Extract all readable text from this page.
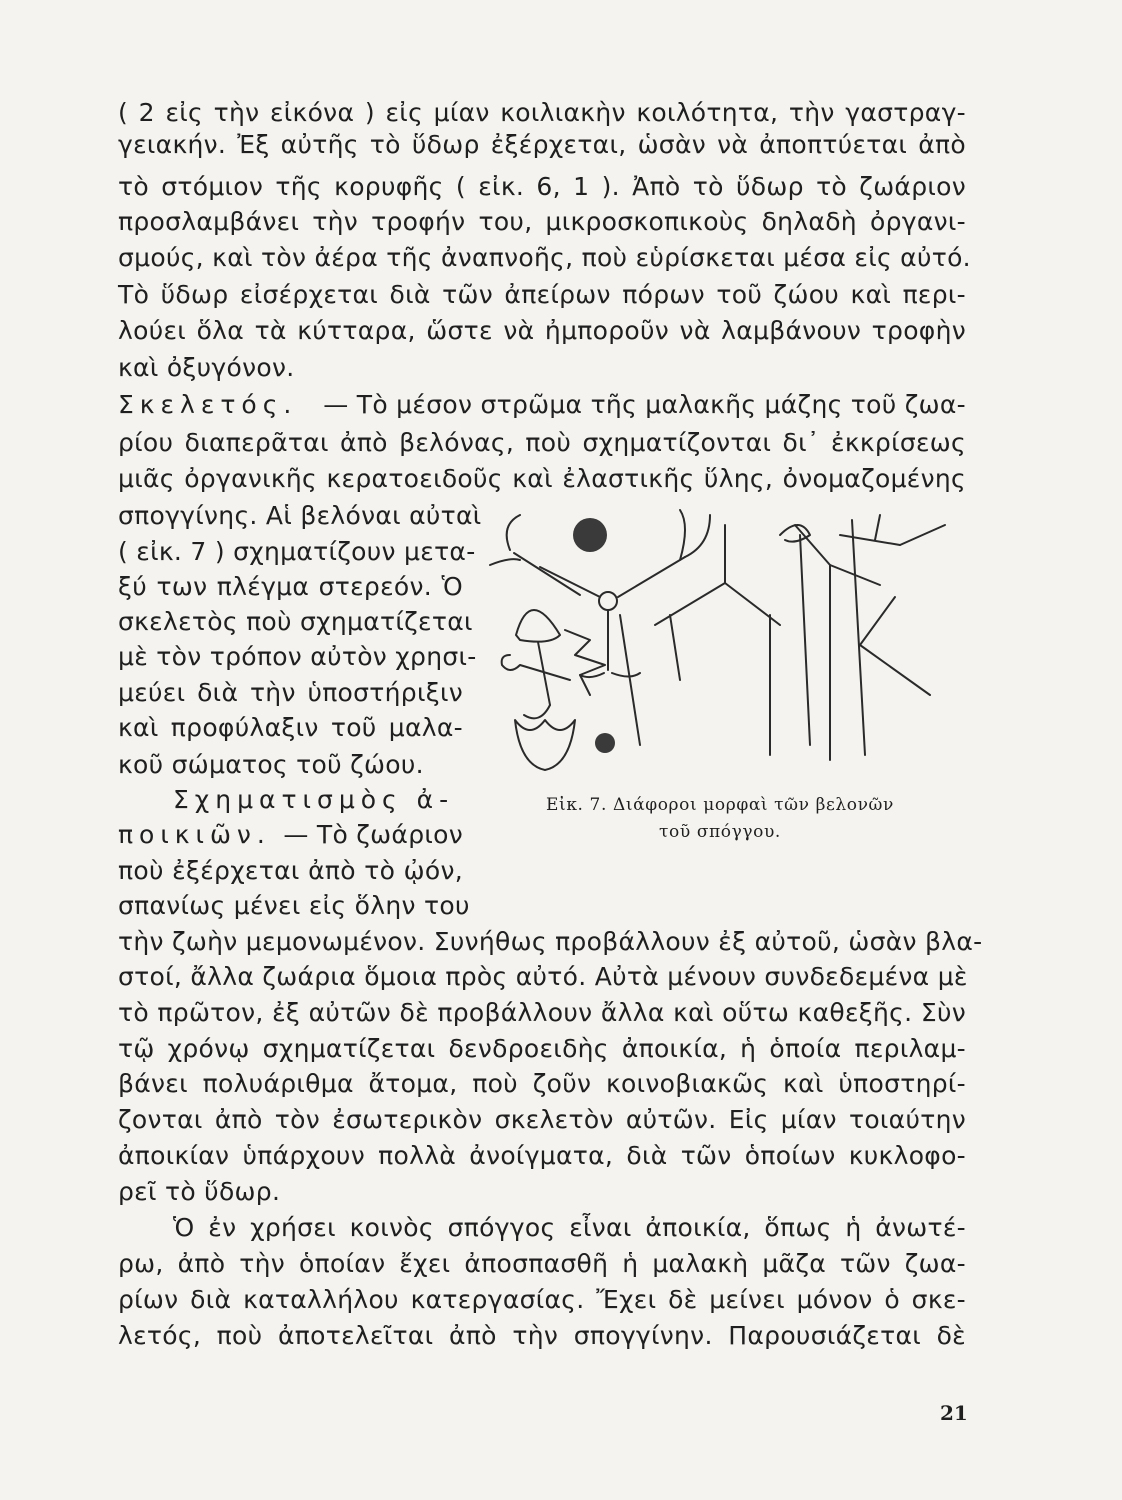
( 2 εἰς τὴν εἰκόνα ) εἰς μίαν κοιλιακὴν κοιλότητα, τὴν γαστραγ-
γειακήν. Ἐξ αὐτῆς τὸ ὕδωρ ἐξέρχεται, ὡσὰν νὰ ἀποπτύεται ἀπὸ
τὸ στόμιον τῆς κορυφῆς ( εἰκ. 6, 1 ). Ἀπὸ τὸ ὕδωρ τὸ ζωάριον
προσλαμβάνει τὴν τροφήν του, μικροσκοπικοὺς δηλαδὴ ὀργανι-
σμούς, καὶ τὸν ἀέρα τῆς ἀναπνοῆς, ποὺ εὑρίσκεται μέσα εἰς αὐτό.
Τὸ ὕδωρ εἰσέρχεται διὰ τῶν ἀπείρων πόρων τοῦ ζώου καὶ περι-
λούει ὅλα τὰ κύτταρα, ὥστε νὰ ἠμποροῦν νὰ λαμβάνουν τροφὴν
καὶ ὀξυγόνον.
Σκελετός. — Τὸ μέσον στρῶμα τῆς μαλακῆς μάζης τοῦ ζωα-
ρίου διαπερᾶται ἀπὸ βελόνας, ποὺ σχηματίζονται δι᾽ ἐκκρίσεως
μιᾶς ὀργανικῆς κερατοειδοῦς καὶ ἐλαστικῆς ὕλης, ὀνομαζομένης
σπογγίνης. Αἱ βελόναι αὐταὶ
( εἰκ. 7 ) σχηματίζουν μετα-
ξύ των πλέγμα στερεόν. Ὁ
σκελετὸς ποὺ σχηματίζεται
μὲ τὸν τρόπον αὐτὸν χρησι-
μεύει διὰ τὴν ὑποστήριξιν
καὶ προφύλαξιν τοῦ μαλα-
κοῦ σώματος τοῦ ζώου.
Σχηματισμὸς ἀ-
ποικιῶν. — Τὸ ζωάριον
ποὺ ἐξέρχεται ἀπὸ τὸ ᾠόν,
σπανίως μένει εἰς ὅλην του
τὴν ζωὴν μεμονωμένον. Συνήθως προβάλλουν ἐξ αὐτοῦ, ὡσὰν βλα-
στοί, ἄλλα ζωάρια ὅμοια πρὸς αὐτό. Αὐτὰ μένουν συνδεδεμένα μὲ
τὸ πρῶτον, ἐξ αὐτῶν δὲ προβάλλουν ἄλλα καὶ οὕτω καθεξῆς. Σὺν
τῷ χρόνῳ σχηματίζεται δενδροειδὴς ἀποικία, ἡ ὁποία περιλαμ-
βάνει πολυάριθμα ἄτομα, ποὺ ζοῦν κοινοβιακῶς καὶ ὑποστηρί-
ζονται ἀπὸ τὸν ἐσωτερικὸν σκελετὸν αὐτῶν. Εἰς μίαν τοιαύτην
ἀποικίαν ὑπάρχουν πολλὰ ἀνοίγματα, διὰ τῶν ὁποίων κυκλοφο-
ρεῖ τὸ ὕδωρ.
Ὁ ἐν χρήσει κοινὸς σπόγγος εἶναι ἀποικία, ὅπως ἡ ἀνωτέ-
ρω, ἀπὸ τὴν ὁποίαν ἔχει ἀποσπασθῆ ἡ μαλακὴ μᾶζα τῶν ζωα-
ρίων διὰ καταλλήλου κατεργασίας. Ἔχει δὲ μείνει μόνον ὁ σκε-
λετός, ποὺ ἀποτελεῖται ἀπὸ τὴν σπογγίνην. Παρουσιάζεται δὲ
Εἰκ. 7. Διάφοροι μορφαὶ τῶν βελονῶν
τοῦ σπόγγου.
21
